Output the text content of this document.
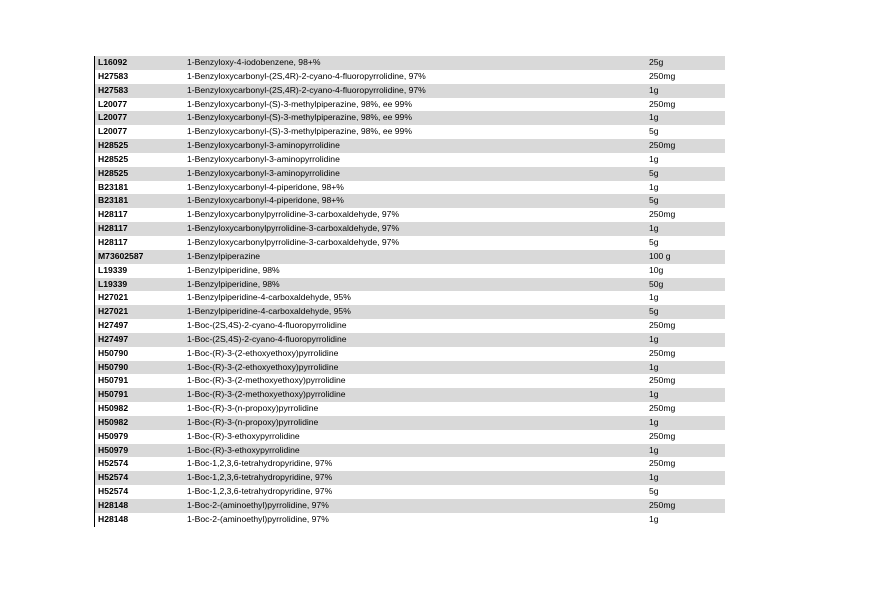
L16092	1-Benzyloxy-4-iodobenzene, 98+%	25g
H27583	1-Benzyloxycarbonyl-(2S,4R)-2-cyano-4-fluoropyrrolidine, 97%	250mg
H27583	1-Benzyloxycarbonyl-(2S,4R)-2-cyano-4-fluoropyrrolidine, 97%	1g
L20077	1-Benzyloxycarbonyl-(S)-3-methylpiperazine, 98%, ee 99%	250mg
L20077	1-Benzyloxycarbonyl-(S)-3-methylpiperazine, 98%, ee 99%	1g
L20077	1-Benzyloxycarbonyl-(S)-3-methylpiperazine, 98%, ee 99%	5g
H28525	1-Benzyloxycarbonyl-3-aminopyrrolidine	250mg
H28525	1-Benzyloxycarbonyl-3-aminopyrrolidine	1g
H28525	1-Benzyloxycarbonyl-3-aminopyrrolidine	5g
B23181	1-Benzyloxycarbonyl-4-piperidone, 98+%	1g
B23181	1-Benzyloxycarbonyl-4-piperidone, 98+%	5g
H28117	1-Benzyloxycarbonylpyrrolidine-3-carboxaldehyde, 97%	250mg
H28117	1-Benzyloxycarbonylpyrrolidine-3-carboxaldehyde, 97%	1g
H28117	1-Benzyloxycarbonylpyrrolidine-3-carboxaldehyde, 97%	5g
M73602587	1-Benzylpiperazine	100 g
L19339	1-Benzylpiperidine, 98%	10g
L19339	1-Benzylpiperidine, 98%	50g
H27021	1-Benzylpiperidine-4-carboxaldehyde, 95%	1g
H27021	1-Benzylpiperidine-4-carboxaldehyde, 95%	5g
H27497	1-Boc-(2S,4S)-2-cyano-4-fluoropyrrolidine	250mg
H27497	1-Boc-(2S,4S)-2-cyano-4-fluoropyrrolidine	1g
H50790	1-Boc-(R)-3-(2-ethoxyethoxy)pyrrolidine	250mg
H50790	1-Boc-(R)-3-(2-ethoxyethoxy)pyrrolidine	1g
H50791	1-Boc-(R)-3-(2-methoxyethoxy)pyrrolidine	250mg
H50791	1-Boc-(R)-3-(2-methoxyethoxy)pyrrolidine	1g
H50982	1-Boc-(R)-3-(n-propoxy)pyrrolidine	250mg
H50982	1-Boc-(R)-3-(n-propoxy)pyrrolidine	1g
H50979	1-Boc-(R)-3-ethoxypyrrolidine	250mg
H50979	1-Boc-(R)-3-ethoxypyrrolidine	1g
H52574	1-Boc-1,2,3,6-tetrahydropyridine, 97%	250mg
H52574	1-Boc-1,2,3,6-tetrahydropyridine, 97%	1g
H52574	1-Boc-1,2,3,6-tetrahydropyridine, 97%	5g
H28148	1-Boc-2-(aminoethyl)pyrrolidine, 97%	250mg
H28148	1-Boc-2-(aminoethyl)pyrrolidine, 97%	1g
